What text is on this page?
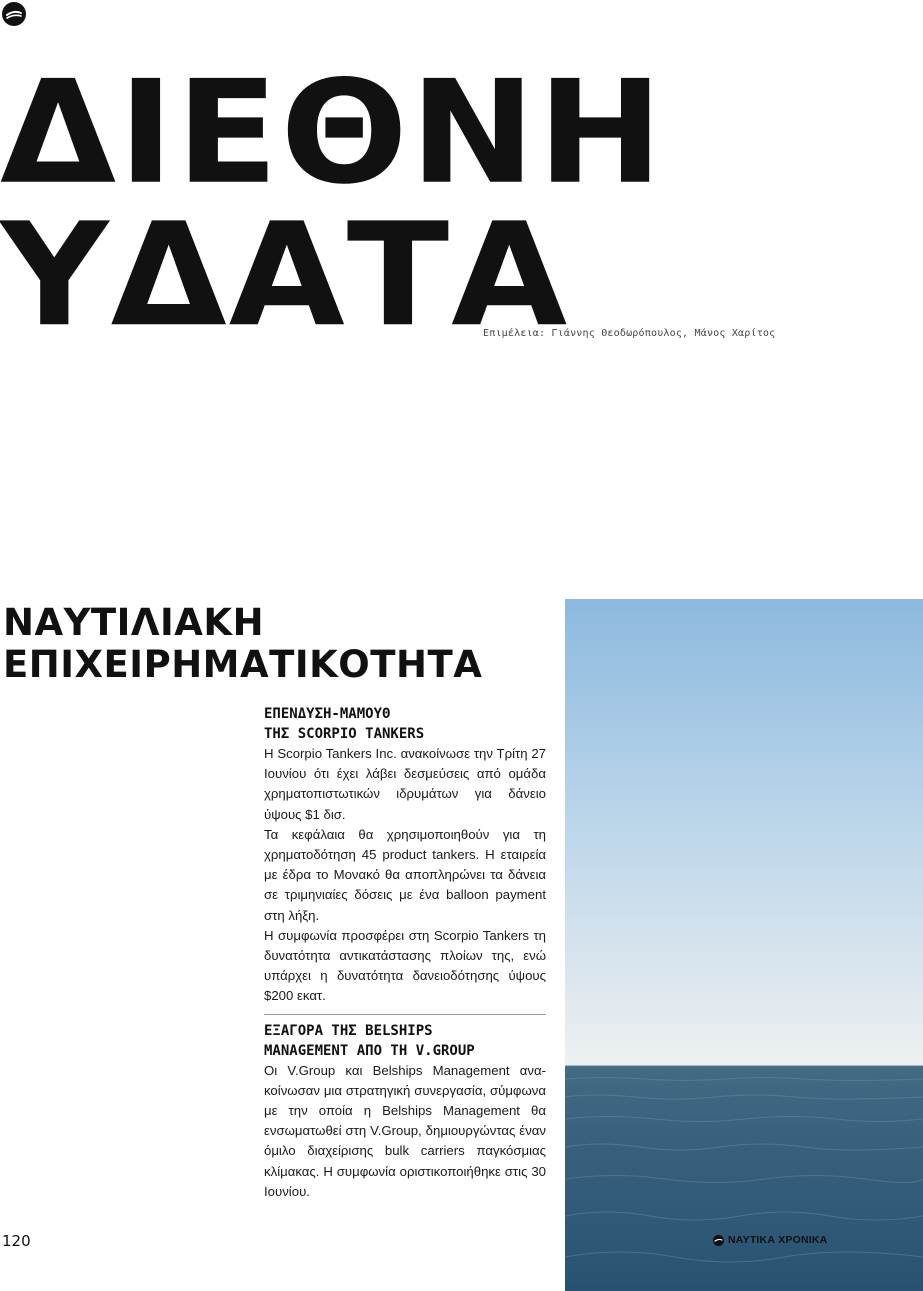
ΔΙΕΘΝΗ
ΥΔΑΤΑ
Επιμέλεια: Γιάννης Θεοδωρόπουλος, Μάνος Χαρίτος
ΝΑΥΤΙΛΙΑΚΗ
ΕΠΙΧΕΙΡΗΜΑΤΙΚΟΤΗΤΑ
ΕΠΕΝΔΥΣΗ-ΜΑΜΟΥΘ
ΤΗΣ SCORPIO TANKERS

Η Scorpio Tankers Inc. ανακοίνωσε την Τρίτη 27 Ιουνίου ότι έχει λάβει δεσμεύσεις από ομάδα χρηματοπιστωτικών ιδρυμάτων για δάνειο ύψους $1 δισ.

Τα κεφάλαια θα χρησιμοποιηθούν για τη χρηματοδότηση 45 product tankers. Η εταιρεία με έδρα το Μονακό θα αποπληρώνει τα δάνεια σε τριμηνιαίες δόσεις με ένα balloon payment στη λήξη.

Η συμφωνία προσφέρει στη Scorpio Tankers τη δυνατότητα αντικατάστασης πλοίων της, ενώ υπάρχει η δυνατότητα δανειοδότησης ύψους $200 εκατ.

ΕΞΑΓΟΡΑ ΤΗΣ BELSHIPS
MANAGEMENT ΑΠΟ ΤΗ V.GROUP

Οι V.Group και Belships Management ανακοίνωσαν μια στρατηγική συνεργασία, σύμφωνα με την οποία η Belships Management θα ενσωματωθεί στη V.Group, δημιουργώντας έναν όμιλο διαχείρισης bulk carriers παγκόσμιας κλίμακας. Η συμφωνία οριστικοποιήθηκε στις 30 Ιουνίου.

120	ΝΑΥΤΙΚΑ ΧΡΟΝΙΚΑ
